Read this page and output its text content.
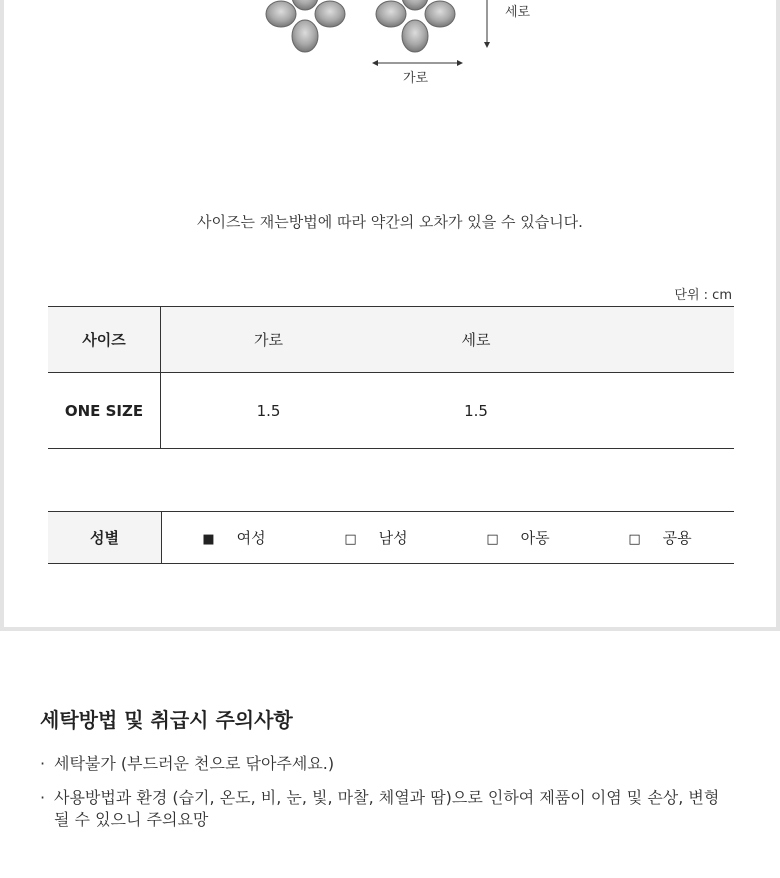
세로
가로
사이즈는 재는방법에 따라 약간의 오차가 있을 수 있습니다.
단위 : cm
사이즈	가로	세로	
ONE SIZE	1.5	1.5	
성별	■ 여성	□ 남성	□ 아동	□ 공용
세탁방법 및 취급시 주의사항
· 세탁불가 (부드러운 천으로 닦아주세요.)
· 사용방법과 환경 (습기, 온도, 비, 눈, 빛, 마찰, 체열과 땀)으로 인하여 제품이 이염 및 손상, 변형될 수 있으니 주의요망
